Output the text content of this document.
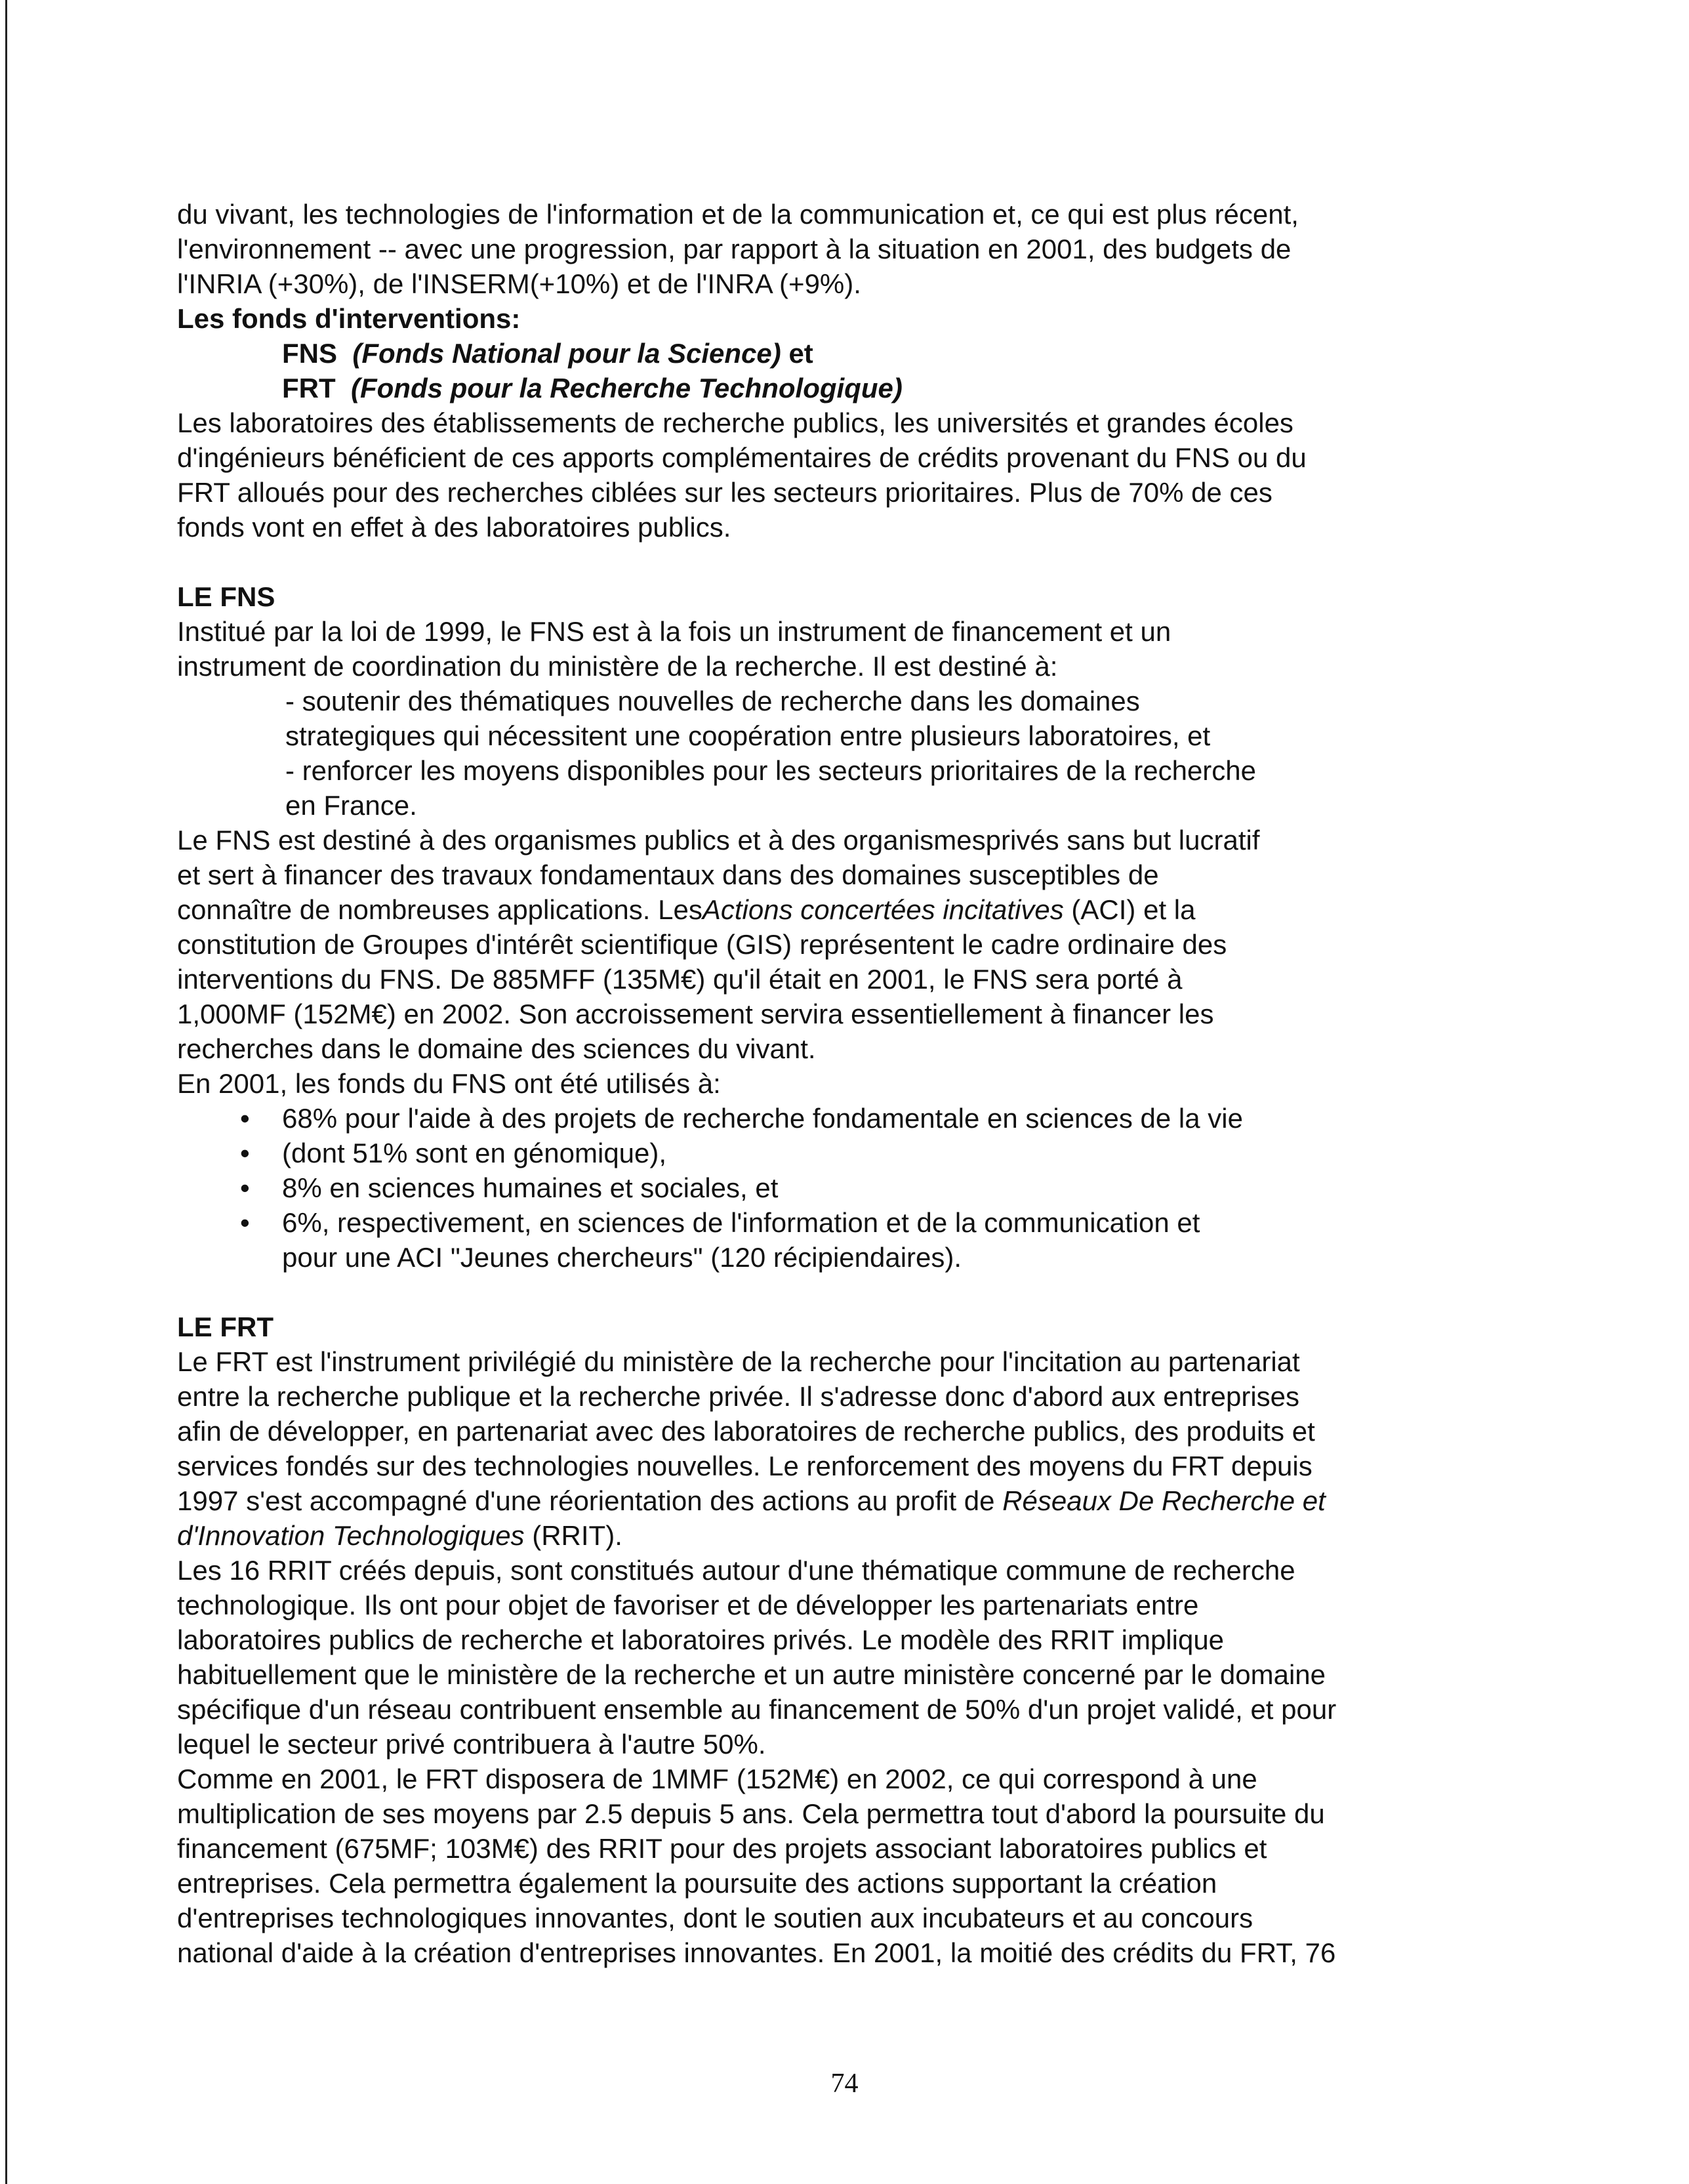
du vivant, les technologies de l'information et de la communication et, ce qui est plus récent,

l'environnement -- avec une progression, par rapport à la situation en 2001, des budgets de

l'INRIA (+30%), de l'INSERM(+10%) et de l'INRA (+9%).

Les fonds d'interventions:

FNS (Fonds National pour la Science) et

FRT (Fonds pour la Recherche Technologique)

Les laboratoires des établissements de recherche publics, les universités et grandes écoles

d'ingénieurs bénéficient de ces apports complémentaires de crédits provenant du FNS ou du

FRT alloués pour des recherches ciblées sur les secteurs prioritaires. Plus de 70% de ces

fonds vont en effet à des laboratoires publics.

LE FNS

Institué par la loi de 1999, le FNS est à la fois un instrument de financement et un

instrument de coordination du ministère de la recherche. Il est destiné à:

- soutenir des thématiques nouvelles de recherche dans les domaines

strategiques qui nécessitent une coopération entre plusieurs laboratoires, et

- renforcer les moyens disponibles pour les secteurs prioritaires de la recherche

en France.

Le FNS est destiné à des organismes publics et à des organismesprivés sans but lucratif

et sert à financer des travaux fondamentaux dans des domaines susceptibles de

connaître de nombreuses applications. LesActions concertées incitatives (ACI) et la

constitution de Groupes d'intérêt scientifique (GIS) représentent le cadre ordinaire des

interventions du FNS. De 885MFF (135M€) qu'il était en 2001, le FNS sera porté à

1,000MF (152M€) en 2002. Son accroissement servira essentiellement à financer les

recherches dans le domaine des sciences du vivant.

En 2001, les fonds du FNS ont été utilisés à:

• 68% pour l'aide à des projets de recherche fondamentale en sciences de la vie
• (dont 51% sont en génomique),
• 8% en sciences humaines et sociales, et
• 6%, respectivement, en sciences de l'information et de la communication et
pour une ACI "Jeunes chercheurs" (120 récipiendaires).

LE FRT

Le FRT est l'instrument privilégié du ministère de la recherche pour l'incitation au partenariat

entre la recherche publique et la recherche privée. Il s'adresse donc d'abord aux entreprises

afin de développer, en partenariat avec des laboratoires de recherche publics, des produits et

services fondés sur des technologies nouvelles. Le renforcement des moyens du FRT depuis

1997 s'est accompagné d'une réorientation des actions au profit de Réseaux De Recherche et

d'Innovation Technologiques (RRIT).

Les 16 RRIT créés depuis, sont constitués autour d'une thématique commune de recherche

technologique. Ils ont pour objet de favoriser et de développer les partenariats entre

laboratoires publics de recherche et laboratoires privés. Le modèle des RRIT implique

habituellement que le ministère de la recherche et un autre ministère concerné par le domaine

spécifique d'un réseau contribuent ensemble au financement de 50% d'un projet validé, et pour

lequel le secteur privé contribuera à l'autre 50%.

Comme en 2001, le FRT disposera de 1MMF (152M€) en 2002, ce qui correspond à une

multiplication de ses moyens par 2.5 depuis 5 ans. Cela permettra tout d'abord la poursuite du

financement (675MF; 103M€) des RRIT pour des projets associant laboratoires publics et

entreprises. Cela permettra également la poursuite des actions supportant la création

d'entreprises technologiques innovantes, dont le soutien aux incubateurs et au concours

national d'aide à la création d'entreprises innovantes. En 2001, la moitié des crédits du FRT, 76

74
